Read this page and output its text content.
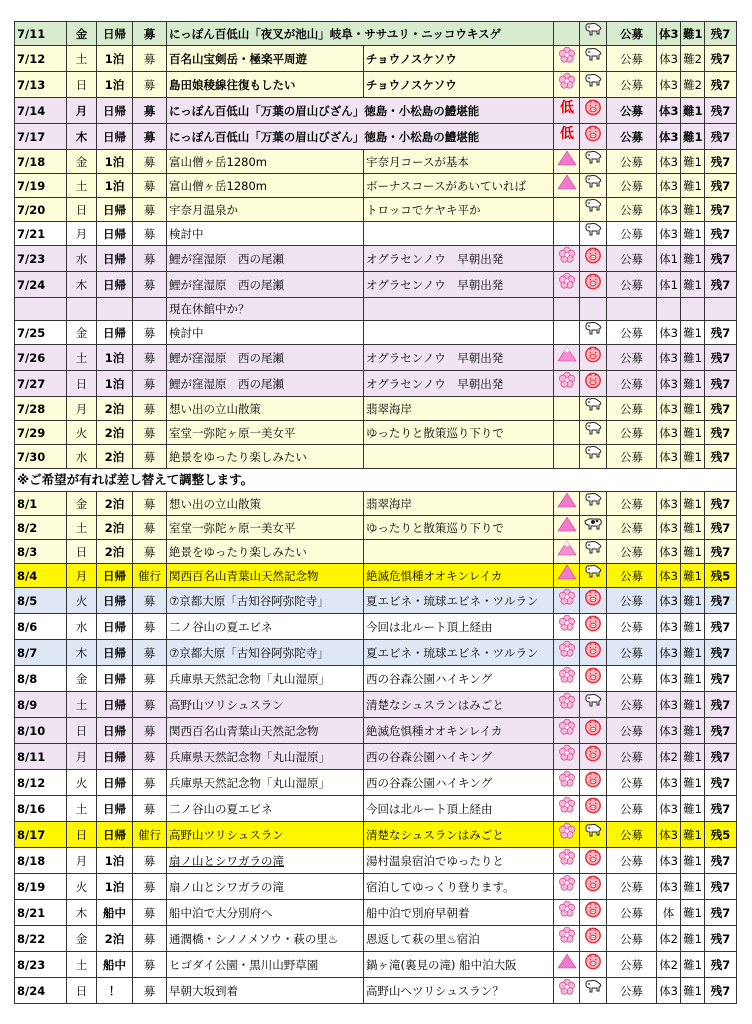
7/11	金	日帰	募	にっぽん百低山「夜叉が池山」岐阜・ササユリ・ニッコウキスゲ				公募	体3	難1	残7
7/12	土	1泊	募	百名山宝剣岳・極楽平周遊	チョウノスケソウ			公募	体3	難2	残7
7/13	日	1泊	募	島田娘稜線往復もしたい	チョウノスケソウ			公募	体3	難2	残7
7/14	月	日帰	募	にっぽん百低山「万葉の眉山びざん」徳島・小松島の鱧堪能		低		公募	体3	難1	残7
7/17	木	日帰	募	にっぽん百低山「万葉の眉山びざん」徳島・小松島の鱧堪能		低		公募	体3	難1	残7
7/18	金	1泊	募	富山僧ヶ岳1280m	宇奈月コースが基本			公募	体3	難1	残7
7/19	土	1泊	募	富山僧ヶ岳1280m	ボーナスコースがあいていれば			公募	体3	難1	残7
7/20	日	日帰	募	宇奈月温泉か	トロッコでケヤキ平か			公募	体3	難1	残7
7/21	月	日帰	募	検討中				公募	体3	難1	残7
7/23	水	日帰	募	鯉が窪湿原　西の尾瀬	オグラセンノウ　早朝出発			公募	体1	難1	残7
7/24	木	日帰	募	鯉が窪湿原　西の尾瀬	オグラセンノウ　早朝出発			公募	体1	難1	残7
				現在休館中か？							
7/25	金	日帰	募	検討中				公募	体3	難1	残7
7/26	土	1泊	募	鯉が窪湿原　西の尾瀬	オグラセンノウ　早朝出発			公募	体3	難1	残7
7/27	日	1泊	募	鯉が窪湿原　西の尾瀬	オグラセンノウ　早朝出発			公募	体3	難1	残7
7/28	月	2泊	募	想い出の立山散策	翡翠海岸			公募	体3	難1	残7
7/29	火	2泊	募	室堂一弥陀ヶ原一美女平	ゆったりと散策巡り下りで			公募	体3	難1	残7
7/30	水	2泊	募	絶景をゆったり楽しみたい				公募	体3	難1	残7
※ご希望が有れば差し替えて調整します。											
8/1	金	2泊	募	想い出の立山散策	翡翠海岸			公募	体3	難1	残7
8/2	土	2泊	募	室堂一弥陀ヶ原一美女平	ゆったりと散策巡り下りで			公募	体3	難1	残7
8/3	日	2泊	募	絶景をゆったり楽しみたい				公募	体3	難1	残7
8/4	月	日帰	催行	関西百名山青葉山天然記念物	絶滅危惧種オオキンレイカ			公募	体3	難1	残5
8/5	火	日帰	募	⑦京都大原「古知谷阿弥陀寺」	夏エビネ・琉球エビネ・ツルラン			公募	体3	難1	残7
8/6	水	日帰	募	二ノ谷山の夏エビネ	今回は北ルート頂上経由			公募	体3	難1	残7
8/7	木	日帰	募	⑦京都大原「古知谷阿弥陀寺」	夏エビネ・琉球エビネ・ツルラン			公募	体3	難1	残7
8/8	金	日帰	募	兵庫県天然記念物「丸山湿原」	西の谷森公園ハイキング			公募	体3	難1	残7
8/9	土	日帰	募	高野山ツリシュスラン	清楚なシュスランはみごと			公募	体3	難1	残7
8/10	日	日帰	募	関西百名山青葉山天然記念物	絶滅危惧種オオキンレイカ			公募	体3	難1	残7
8/11	月	日帰	募	兵庫県天然記念物「丸山湿原」	西の谷森公園ハイキング			公募	体2	難1	残7
8/12	火	日帰	募	兵庫県天然記念物「丸山湿原」	西の谷森公園ハイキング			公募	体3	難1	残7
8/16	土	日帰	募	二ノ谷山の夏エビネ	今回は北ルート頂上経由			公募	体3	難1	残7
8/17	日	日帰	催行	高野山ツリシュスラン	清楚なシュスランはみごと			公募	体3	難1	残5
8/18	月	1泊	募	扇ノ山とシワガラの滝	湯村温泉宿泊でゆったりと			公募	体3	難1	残7
8/19	火	1泊	募	扇ノ山とシワガラの滝	宿泊してゆっくり登ります。			公募	体3	難1	残7
8/21	木	船中	募	船中泊で大分別府へ	船中泊で別府早朝着			公募	体	難1	残7
8/22	金	2泊	募	通潤橋・シノノメソウ・萩の里♨	恩返して萩の里♨宿泊			公募	体2	難1	残7
8/23	土	船中	募	ヒゴダイ公園・黒川山野草園	鍋ヶ滝(裏見の滝) 船中泊大阪			公募	体2	難1	残7
8/24	日	！	募	早朝大坂到着	高野山ヘツリシュスラン？			公募	体3	難1	残7
